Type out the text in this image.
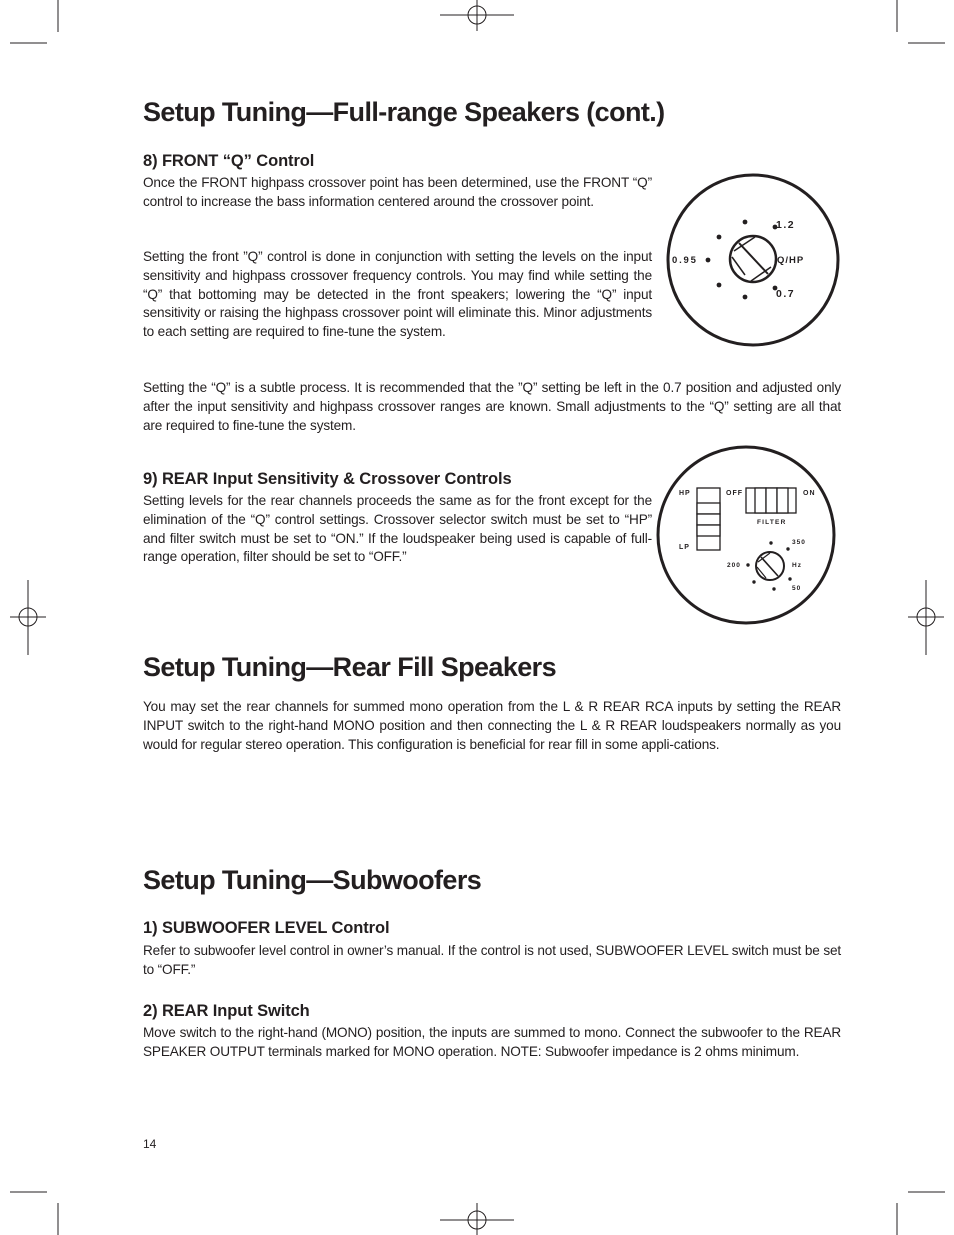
Setup Tuning—Full-range Speakers (cont.)
8) FRONT “Q” Control

Once the FRONT highpass crossover point has been determined, use the FRONT “Q” control to increase the bass information centered around the crossover point.

Setting the front ”Q” control is done in conjunction with setting the levels on the input sensitivity and highpass crossover frequency controls. You may find while setting the “Q” that bottoming may be detected in the front speakers; lowering the “Q” input sensitivity or raising the highpass crossover point will eliminate this. Minor adjustments to each setting are required to fine-tune the system.

Setting the “Q” is a subtle process. It is recommended that the ”Q” setting be left in the 0.7 position and adjusted only after the input sensitivity and highpass crossover ranges are known. Small adjustments to the “Q” setting are all that are required to fine-tune the system.

1.2
0.95	Q/HP
0.7
9) REAR Input Sensitivity & Crossover Controls

Setting levels for the rear channels proceeds the same as for the front except for the elimination of the “Q” control settings. Crossover selector switch must be set to “HP” and filter switch must be set to “ON.” If the loudspeaker being used is capable of full-range operation, filter should be set to “OFF.”

HP
LP
OFF	ON
FILTER
350
200	Hz
50
Setup Tuning—Rear Fill Speakers

You may set the rear channels for summed mono operation from the L & R REAR RCA inputs by setting the REAR INPUT switch to the right-hand MONO position and then connecting the L & R REAR loudspeakers normally as you would for regular stereo operation. This configuration is beneficial for rear fill in some appli-cations.

Setup Tuning—Subwoofers
1) SUBWOOFER LEVEL Control

Refer to subwoofer level control in owner’s manual. If the control is not used, SUBWOOFER LEVEL switch must be set to “OFF.”

2) REAR Input Switch

Move switch to the right-hand (MONO) position, the inputs are summed to mono. Connect the subwoofer to the REAR SPEAKER OUTPUT terminals marked for MONO operation. NOTE: Subwoofer impedance is 2 ohms minimum.

14
